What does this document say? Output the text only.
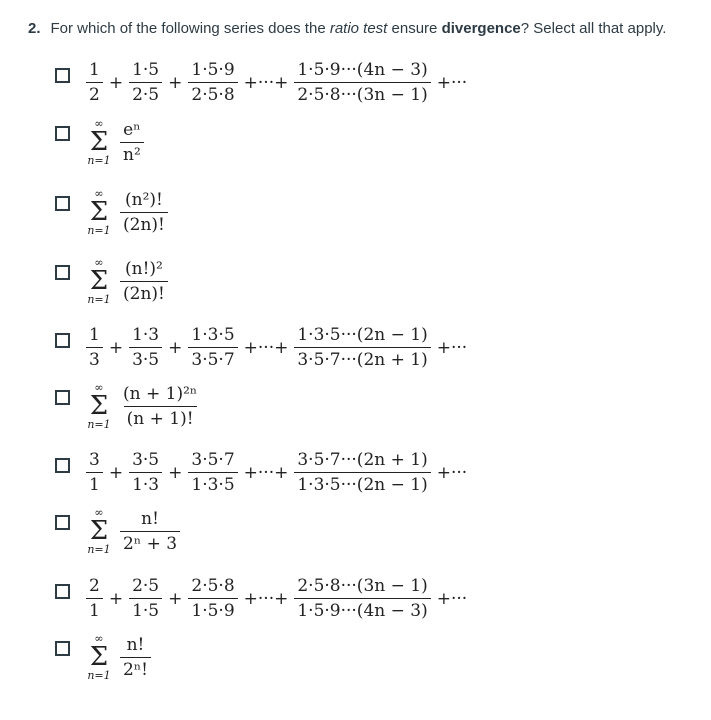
2. For which of the following series does the ratio test ensure divergence? Select all that apply.
$\frac{1}{2} + \frac{1\cdot 5}{2\cdot 5} + \frac{1\cdot 5\cdot 9}{2\cdot 5\cdot 8}$ +···+ $\frac{1\cdot 5\cdot 9\cdot\cdot\cdot(4n - 3)}{2\cdot 5\cdot 8\cdot\cdot\cdot(3n - 1)}$ +···
∞
Σ
$n=1 \frac{\text{eⁿ}}{\text{n²}}$
∞
Σ
$n=1 \frac{\text{(n²)!}}{(2n)!}$
∞
Σ
$n=1 \frac{\text{(n!)²}}{(2n)!}$
$\frac{1}{3} + \frac{1\cdot 3}{3\cdot 5} + \frac{1\cdot 3\cdot 5}{3\cdot 5\cdot 7}$ +···+ $\frac{1\cdot 3\cdot 5\cdot\cdot\cdot(2n - 1)}{3\cdot 5\cdot 7\cdot\cdot\cdot(2n + 1)}$ +···
∞
Σ
$n=1 \frac{\text{(n + 1)²ⁿ}}{(n + 1)!}$
$\frac{3}{1} + \frac{3\cdot 5}{1\cdot 3} + \frac{3\cdot 5\cdot 7}{1\cdot 3\cdot 5}$ +···+ $\frac{3\cdot 5\cdot 7\cdot\cdot\cdot(2n + 1)}{1\cdot 3\cdot 5\cdot\cdot\cdot(2n - 1)}$ +···
∞
Σ
$n=1 \frac{n!}{\text{2ⁿ + 3}}$
$\frac{2}{1} + \frac{2\cdot 5}{1\cdot 5} + \frac{2\cdot 5\cdot 8}{1\cdot 5\cdot 9}$ +···+ $\frac{2\cdot 5\cdot 8\cdot\cdot\cdot(3n - 1)}{1\cdot 5\cdot 9\cdot\cdot\cdot(4n - 3)}$ +···
∞
Σ
$n=1 \frac{n!}{\text{2ⁿ!}}$
